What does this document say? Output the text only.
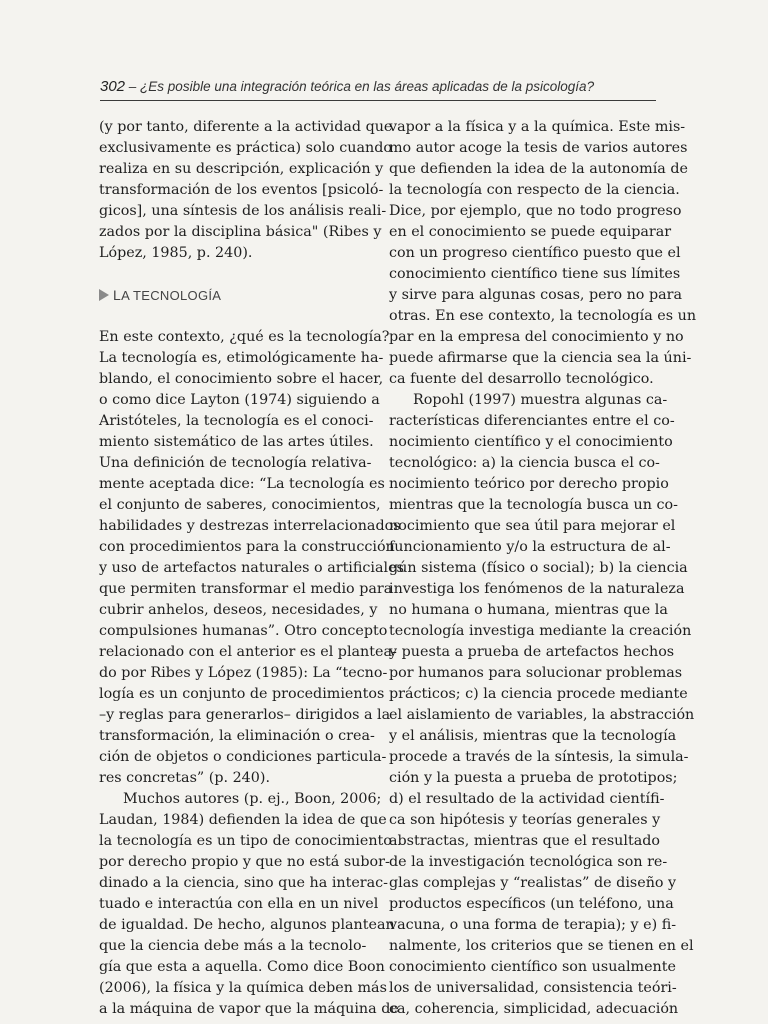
302 – ¿Es posible una integración teórica en las áreas aplicadas de la psicología?
(y por tanto, diferente a la actividad que
exclusivamente es práctica) solo cuando
realiza en su descripción, explicación y
transformación de los eventos [psicoló-
gicos], una síntesis de los análisis reali-
zados por la disciplina básica" (Ribes y
López, 1985, p. 240).
LA TECNOLOGÍA
En este contexto, ¿qué es la tecnología?
La tecnología es, etimológicamente ha-
blando, el conocimiento sobre el hacer,
o como dice Layton (1974) siguiendo a
Aristóteles, la tecnología es el conoci-
miento sistemático de las artes útiles.
Una definición de tecnología relativa-
mente aceptada dice: “La tecnología es
el conjunto de saberes, conocimientos,
habilidades y destrezas interrelacionados
con procedimientos para la construcción
y uso de artefactos naturales o artificiales
que permiten transformar el medio para
cubrir anhelos, deseos, necesidades, y
compulsiones humanas”. Otro concepto
relacionado con el anterior es el plantea-
do por Ribes y López (1985): La “tecno-
logía es un conjunto de procedimientos
–y reglas para generarlos– dirigidos a la
transformación, la eliminación o crea-
ción de objetos o condiciones particula-
res concretas” (p. 240).
Muchos autores (p. ej., Boon, 2006;
Laudan, 1984) defienden la idea de que
la tecnología es un tipo de conocimiento
por derecho propio y que no está subor-
dinado a la ciencia, sino que ha interac-
tuado e interactúa con ella en un nivel
de igualdad. De hecho, algunos plantean
que la ciencia debe más a la tecnolo-
gía que esta a aquella. Como dice Boon
(2006), la física y la química deben más
a la máquina de vapor que la máquina de
vapor a la física y a la química. Este mis-
mo autor acoge la tesis de varios autores
que defienden la idea de la autonomía de
la tecnología con respecto de la ciencia.
Dice, por ejemplo, que no todo progreso
en el conocimiento se puede equiparar
con un progreso científico puesto que el
conocimiento científico tiene sus límites
y sirve para algunas cosas, pero no para
otras. En ese contexto, la tecnología es un
par en la empresa del conocimiento y no
puede afirmarse que la ciencia sea la úni-
ca fuente del desarrollo tecnológico.
Ropohl (1997) muestra algunas ca-
racterísticas diferenciantes entre el co-
nocimiento científico y el conocimiento
tecnológico: a) la ciencia busca el co-
nocimiento teórico por derecho propio
mientras que la tecnología busca un co-
nocimiento que sea útil para mejorar el
funcionamiento y/o la estructura de al-
gún sistema (físico o social); b) la ciencia
investiga los fenómenos de la naturaleza
no humana o humana, mientras que la
tecnología investiga mediante la creación
y puesta a prueba de artefactos hechos
por humanos para solucionar problemas
prácticos; c) la ciencia procede mediante
el aislamiento de variables, la abstracción
y el análisis, mientras que la tecnología
procede a través de la síntesis, la simula-
ción y la puesta a prueba de prototipos;
d) el resultado de la actividad científi-
ca son hipótesis y teorías generales y
abstractas, mientras que el resultado
de la investigación tecnológica son re-
glas complejas y “realistas” de diseño y
productos específicos (un teléfono, una
vacuna, o una forma de terapia); y e) fi-
nalmente, los criterios que se tienen en el
conocimiento científico son usualmente
los de universalidad, consistencia teóri-
ca, coherencia, simplicidad, adecuación
